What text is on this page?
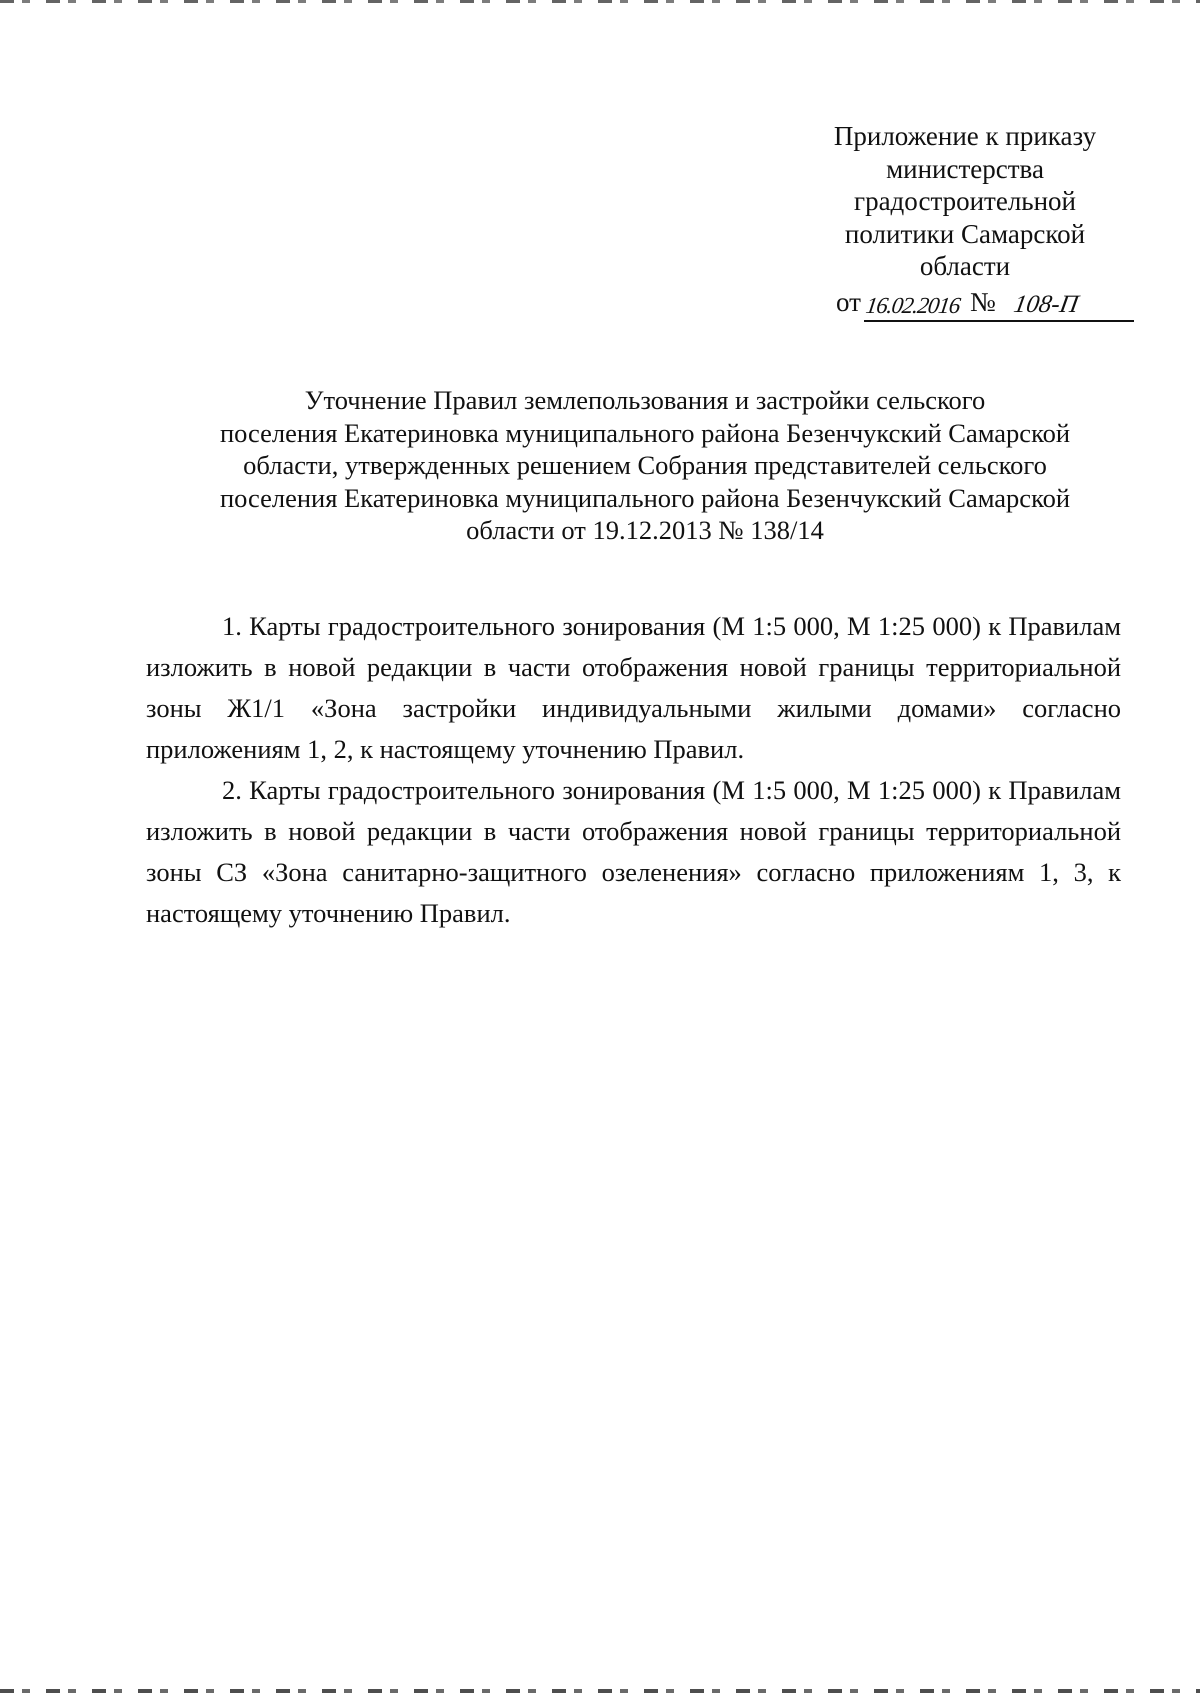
Приложение к приказу
министерства
градостроительной
политики Самарской
области
от 16.02.2016 № 108-П
Уточнение Правил землепользования и застройки сельского
поселения Екатериновка муниципального района Безенчукский Самарской
области, утвержденных решением Собрания представителей сельского
поселения Екатериновка муниципального района Безенчукский Самарской
области от 19.12.2013 № 138/14

1. Карты градостроительного зонирования (М 1:5 000, М 1:25 000) к Правилам изложить в новой редакции в части отображения новой границы территориальной зоны Ж1/1 «Зона застройки индивидуальными жилыми домами» согласно приложениям 1, 2, к настоящему уточнению Правил.

2. Карты градостроительного зонирования (М 1:5 000, М 1:25 000) к Правилам изложить в новой редакции в части отображения новой границы территориальной зоны СЗ «Зона санитарно-защитного озеленения» согласно приложениям 1, 3, к настоящему уточнению Правил.
